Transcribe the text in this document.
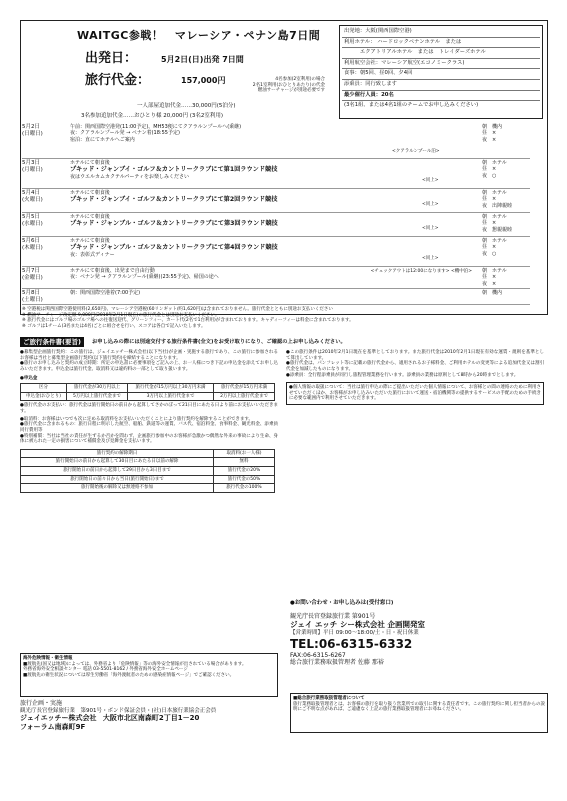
WAITGC参戦！　マレーシア・ペナン島7日間
出発日：	5月2日(日)出発 7日間
旅行代金：	157,000円	4名参加(2室利用)の場合
2名1室利用(おひとりあたり)の代金
燃油サーチャージが別途必要です
一人部屋追加代金……30,000円(5泊分)
3名参加追加代金……おひとり様 20,000円 (3名2室利用)
出発地：大阪(関西国際空港)
利用ホテル： ハードロックペナンホテル　または
　　　エクアトリアルホテル　または　トレイダーズホテル
利用航空会社：マレーシア航空(エコノミークラス)
食事：朝5回、昼0回、夕4回
添乗員：同行致します
最少催行人員：20名
(3名1組、または4名1組のチームでお申し込みください)
5月2日
(日曜日)
午前：関西国際空港発(11:00予定)、MH53便にてクアラルンプールへ(乗継)
夜：クアラルンプール発 → ペナン着(18:55予定)
宿泊：直にてホテルへご案内
<クアラルンプール泊>
朝　機内
昼　×
夜　×
5月3日
(月曜日)
ホテルにて朝食後
プキッド・ジャンブイ・ゴルフ＆カントリークラブにて第1回ラウンド競技
夜はウエルカムカクテルパーティをお楽しみください
<同上>
朝　ホテル
昼　×
夜　○
5月4日
(火曜日)
ホテルにて朝食後
プキッド・ジャンブイ・ゴルフ＆カントリークラブにて第2回ラウンド競技
<同上>
朝　ホテル
昼　×
夜　出陣親睦
5月5日
(水曜日)
ホテルにて朝食後
プキッド・ジャンブル・ゴルフ＆カントリークラブにて第3回ラウンド競技
<同上>
朝　ホテル
昼　×
夜　懇親親睦
5月6日
(木曜日)
ホテルにて朝食後
プキッド・ジャンブル・ゴルフ＆カントリークラブにて第4回ラウンド競技
夜：表彰式ディナー
<同上>
朝　ホテル
昼　×
夜　○
5月7日
(金曜日)
ホテルにて朝食後、出発まで自由行動
夜：ペナン発 → クアラルンプール(乗継)(23:55予定)、帰国の途へ
<チェックアウトは12:00になります> <機中泊> 朝　ホテル
昼　×
夜　×
5月8日
(土曜日)
朝：関西国際空港着(7:00予定)	朝　機内
※ 空港税は関西国際空港使用料(2,650円)、マレーシア空港税(60リンギット/約1,620円)は含まれておりません。旅行代金とともに別途お支払いください
※ 燃油サーチャージ改定額 9,000円(2010年2月1日現在)の旅行代金とは別途お支払いください。
※ 旅行代金にはゴルフ場のゴルフ場への往復送迎代、グリーンフィー、カート代(2名で1台利用)が含まれております。キャディーフィーは料金に含まれております。
※ ゴルフは1チーム(3名または4名)ごとに組合せを行い、スコアは各自で記入いたします。
ご旅行条件書(要旨)	お申し込みの際には別途交付する旅行条件書(全文)をお受け取りになり、ご確認の上お申し込みください。
●募集型企画旅行契約：この旅行は、ジェイエッチー株式会社(以下当社)が企画・実施する旅行であり、この旅行に参加されるお客様は当社と募集型企画旅行契約(以下旅行契約)を締結することになります。
●旅行のお申し込みと契約の成立時期：所定の申込書に必要事項をご記入の上、お一人様につき下記の申込金を添えてお申し込みいただきます。申込金は旅行代金、取消料又は違約料の一部として取り扱います。
●申込金
区分	旅行代金が30万円以上	旅行代金が15万円以上30万円未満	旅行代金が15万円未満
申込金(おひとり)	5万円以上旅行代金まで	3万円以上旅行代金まで	2万円以上旅行代金まで
●旅行代金のお支払い：旅行代金は旅行開始日の前日から起算してさかのぼって21日目にあたる日より前にお支払いいただきます。
●取消料：お客様はいつでも次に定める取消料をお支払いいただくことにより旅行契約を解除することができます。
●旅行代金に含まれるもの：旅行日程に明示した航空、船舶、鉄道等の運賃、バス代、宿泊料金、食事料金、観光料金、添乗員同行費用等
●特別補償：当社は当社の責任が生ずるか否かを問わず、企画旅行参加中のお客様が急激かつ偶然な外来の事故により生命、身体に被られた一定の損害について補償金及び見舞金を支払います。
旅行契約の解除期日	取消料(お一人様)
旅行開始日の前日から起算して30日目にあたる日以前の解除	無料
旅行開始日の前日から起算して29日目から3日目まで	旅行代金の20%
旅行開始日の前々日から当日(旅行開始日)まで	旅行代金の50%
旅行開始後の解除又は無連絡不参加	旅行代金の100%
●この旅行条件は2010年2月1日現在を基準としております。また旅行代金は2010年2月1日現在有効な運賃・規則を基準として算出しています。
●旅行代金は、パンフレット等に記載の旅行代金から、適用されるお子様料金、ご利用ホテルの変更等による追加代金又は割引代金を加減したものになります。
●添乗員：全行程添乗員が同行し旅程管理業務を行います。添乗員の業務は原則として8時から20時までとします。
●個人情報の取扱について：当社は旅行申込の際にご提出いただいた個人情報について、お客様との間の連絡のために利用させていただくほか、お客様がお申し込みいただいた旅行において運送・宿泊機関等の提供するサービスの手配のための手続きに必要な範囲内で利用させていただきます。
海外危険情報・衛生情報
■渡航先(国又は地域)によっては、外務省より「危険情報」等の海外安全情報が出されている場合があります。
外務省海外安全相談センター 電話 03-5501-8162 / 外務省海外安全ホームページ
■渡航先の衛生状況については厚生労働省「海外渡航者のための感染症情報ページ」でご確認ください。
旅行企画・実施
観光庁長官登録旅行業　第901号・ボンド保証会員・(社)日本旅行業協会正会員
ジェイエッチー株式会社 大阪市北区南森町2丁目1－20
フォーラム南森町9F
●お問い合わせ・お申し込みは(受付窓口)
観光庁長官登録旅行業 第901号
ジェイ エッチ シー株式会社 企画開発室
【営業時間】平日 09:00～18:00/土・日・祝日休業
TEL:06-6315-6332
FAX:06-6315-6267
総合旅行業務取扱管理者 佐藤 那裕
■総合旅行業務取扱管理者について
旅行業務取扱管理者とは、お客様の旅行を取り扱う営業所での取引に関する責任者です。この旅行契約に関し担当者からの説明にご不明な点があれば、ご遠慮なく上記の旅行業務取扱管理者にお尋ねください。
